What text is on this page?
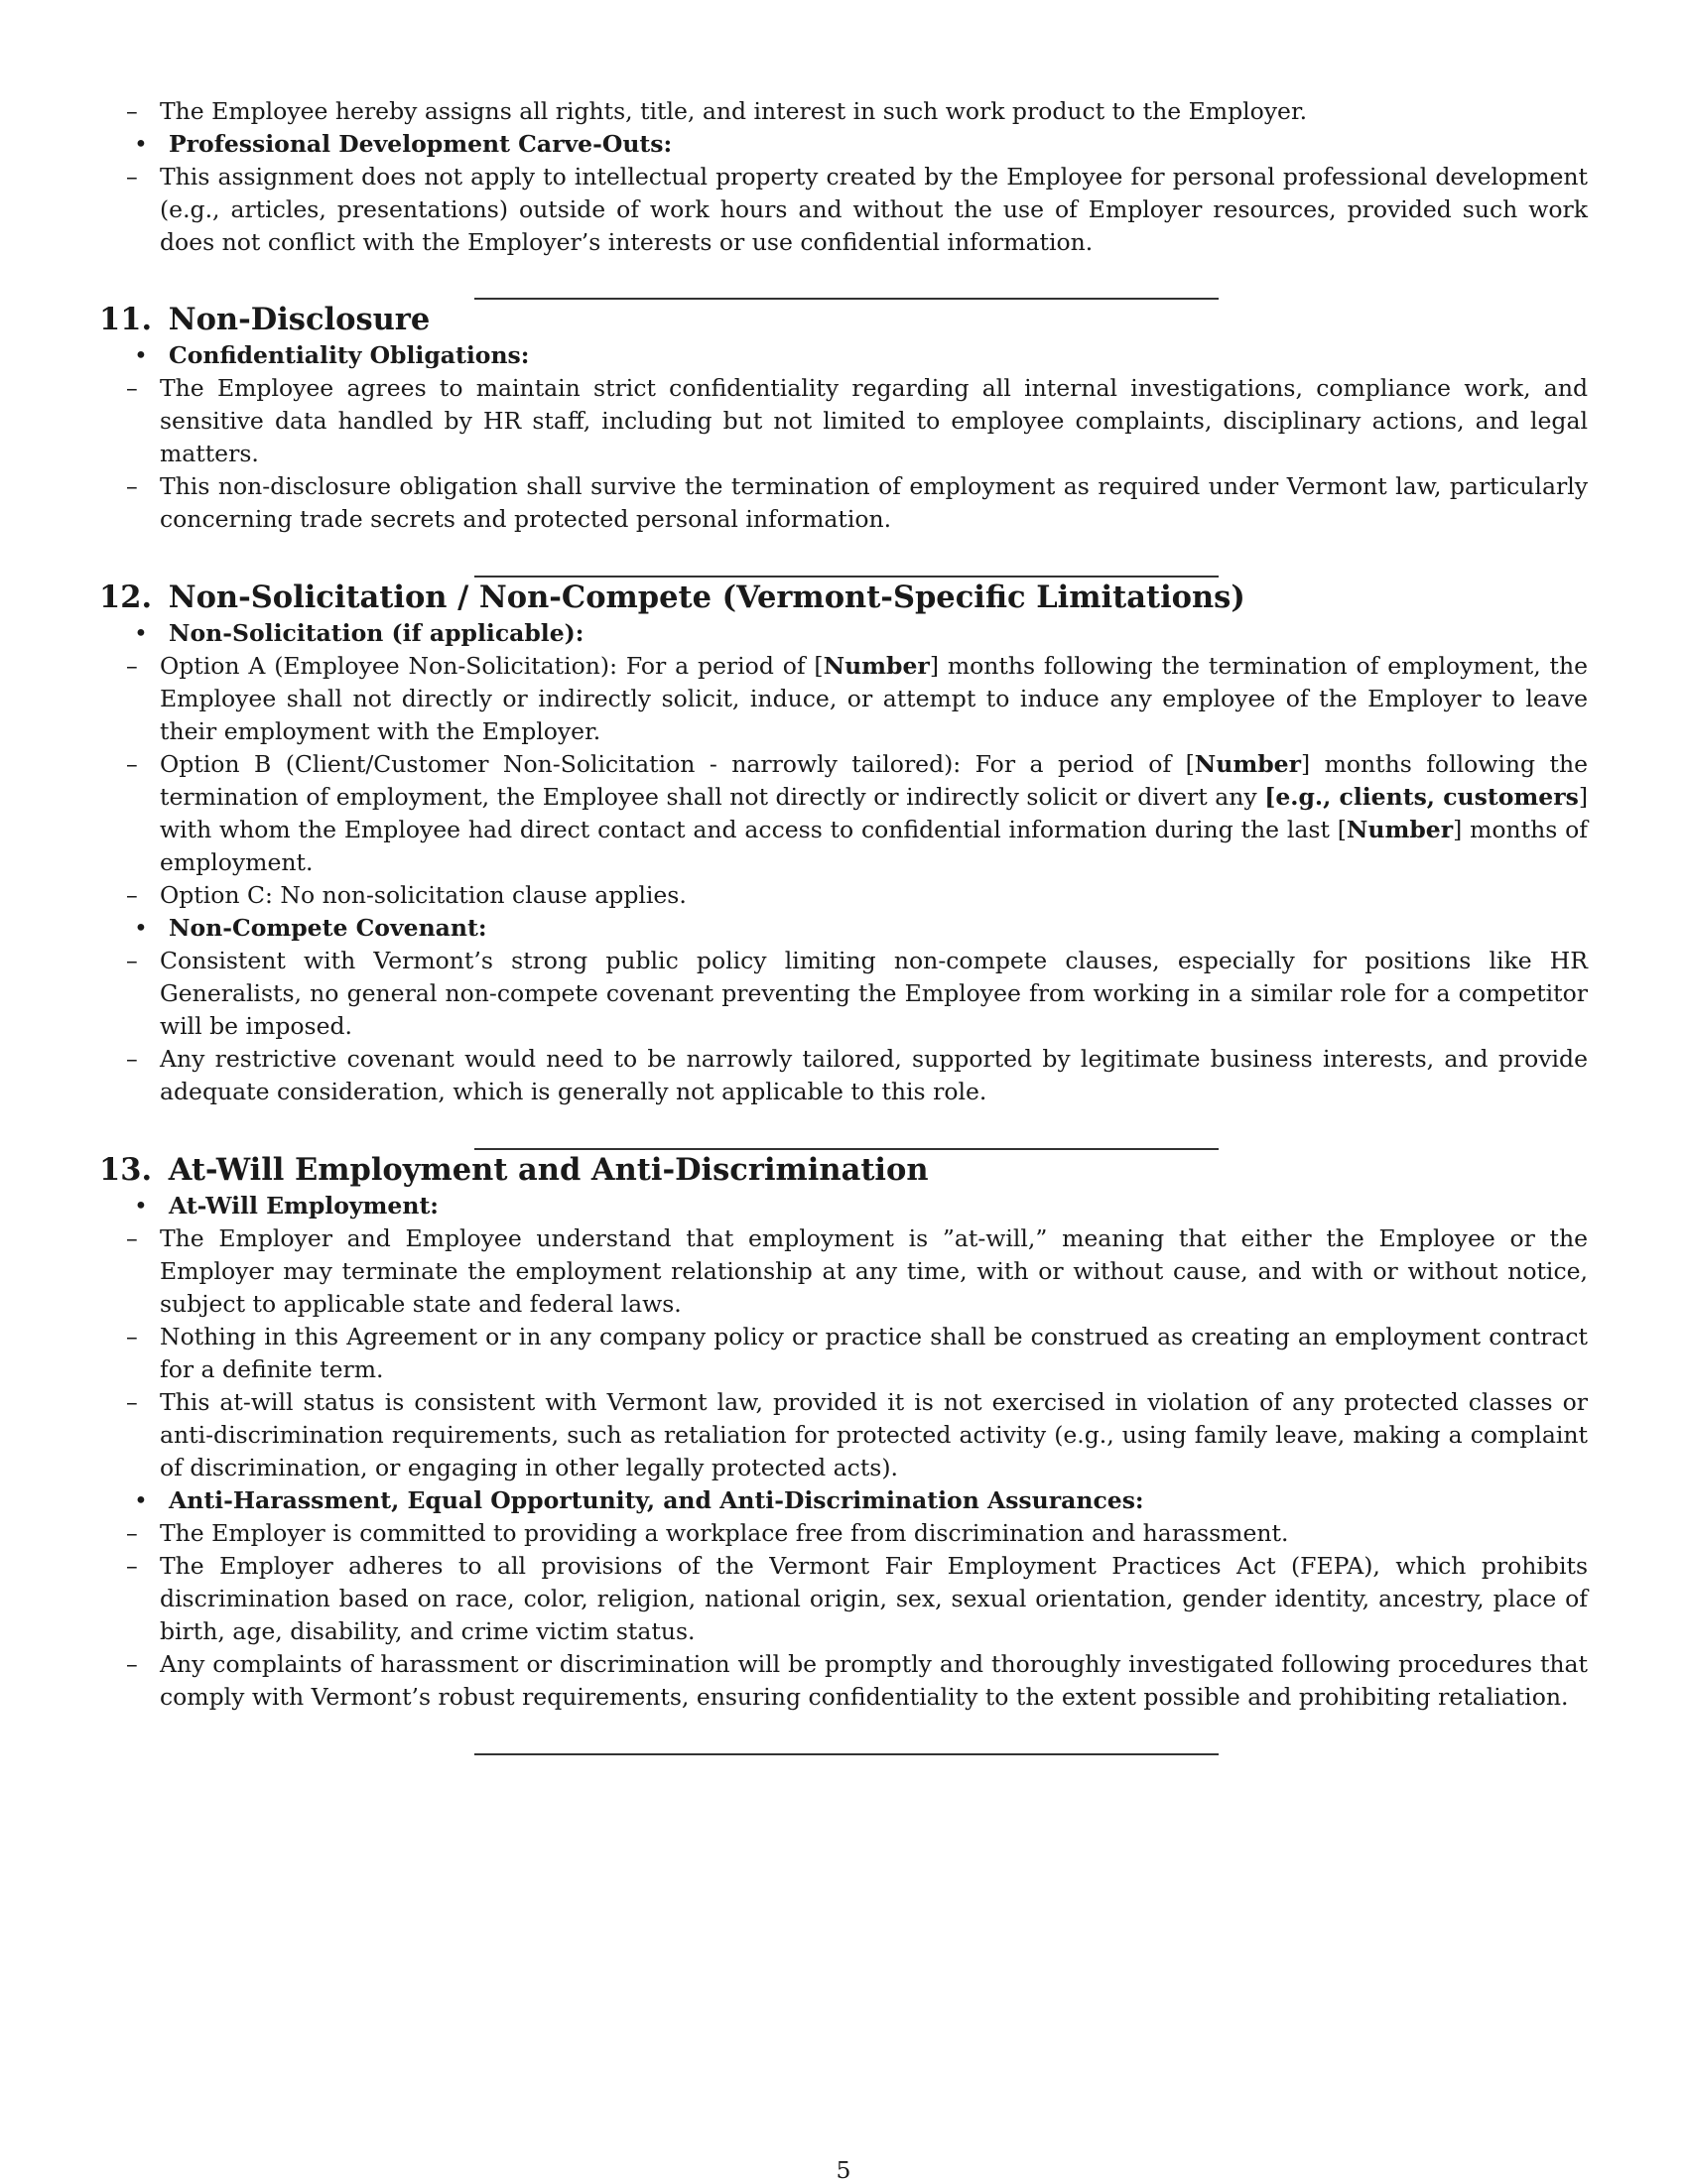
– The Employee hereby assigns all rights, title, and interest in such work product to the Employer.
• Professional Development Carve-Outs:
– This assignment does not apply to intellectual property created by the Employee for personal professional development (e.g., articles, presentations) outside of work hours and without the use of Employer resources, provided such work does not conflict with the Employer’s interests or use confidential information.
11. Non-Disclosure
• Confidentiality Obligations:
– The Employee agrees to maintain strict confidentiality regarding all internal investigations, compliance work, and sensitive data handled by HR staff, including but not limited to employee complaints, disciplinary actions, and legal matters.
– This non-disclosure obligation shall survive the termination of employment as required under Vermont law, particularly concerning trade secrets and protected personal information.
12. Non-Solicitation / Non-Compete (Vermont-Specific Limitations)
• Non-Solicitation (if applicable):
– Option A (Employee Non-Solicitation): For a period of [Number] months following the termination of employment, the Employee shall not directly or indirectly solicit, induce, or attempt to induce any employee of the Employer to leave their employment with the Employer.
– Option B (Client/Customer Non-Solicitation - narrowly tailored): For a period of [Number] months following the termination of employment, the Employee shall not directly or indirectly solicit or divert any [e.g., clients, customers] with whom the Employee had direct contact and access to confidential information during the last [Number] months of employment.
– Option C: No non-solicitation clause applies.
• Non-Compete Covenant:
– Consistent with Vermont’s strong public policy limiting non-compete clauses, especially for positions like HR Generalists, no general non-compete covenant preventing the Employee from working in a similar role for a competitor will be imposed.
– Any restrictive covenant would need to be narrowly tailored, supported by legitimate business interests, and provide adequate consideration, which is generally not applicable to this role.
13. At-Will Employment and Anti-Discrimination
• At-Will Employment:
– The Employer and Employee understand that employment is ”at-will,” meaning that either the Employee or the Employer may terminate the employment relationship at any time, with or without cause, and with or without notice, subject to applicable state and federal laws.
– Nothing in this Agreement or in any company policy or practice shall be construed as creating an employment contract for a definite term.
– This at-will status is consistent with Vermont law, provided it is not exercised in violation of any protected classes or anti-discrimination requirements, such as retaliation for protected activity (e.g., using family leave, making a complaint of discrimination, or engaging in other legally protected acts).
• Anti-Harassment, Equal Opportunity, and Anti-Discrimination Assurances:
– The Employer is committed to providing a workplace free from discrimination and harassment.
– The Employer adheres to all provisions of the Vermont Fair Employment Practices Act (FEPA), which prohibits discrimination based on race, color, religion, national origin, sex, sexual orientation, gender identity, ancestry, place of birth, age, disability, and crime victim status.
– Any complaints of harassment or discrimination will be promptly and thoroughly investigated following procedures that comply with Vermont’s robust requirements, ensuring confidentiality to the extent possible and prohibiting retaliation.
5
